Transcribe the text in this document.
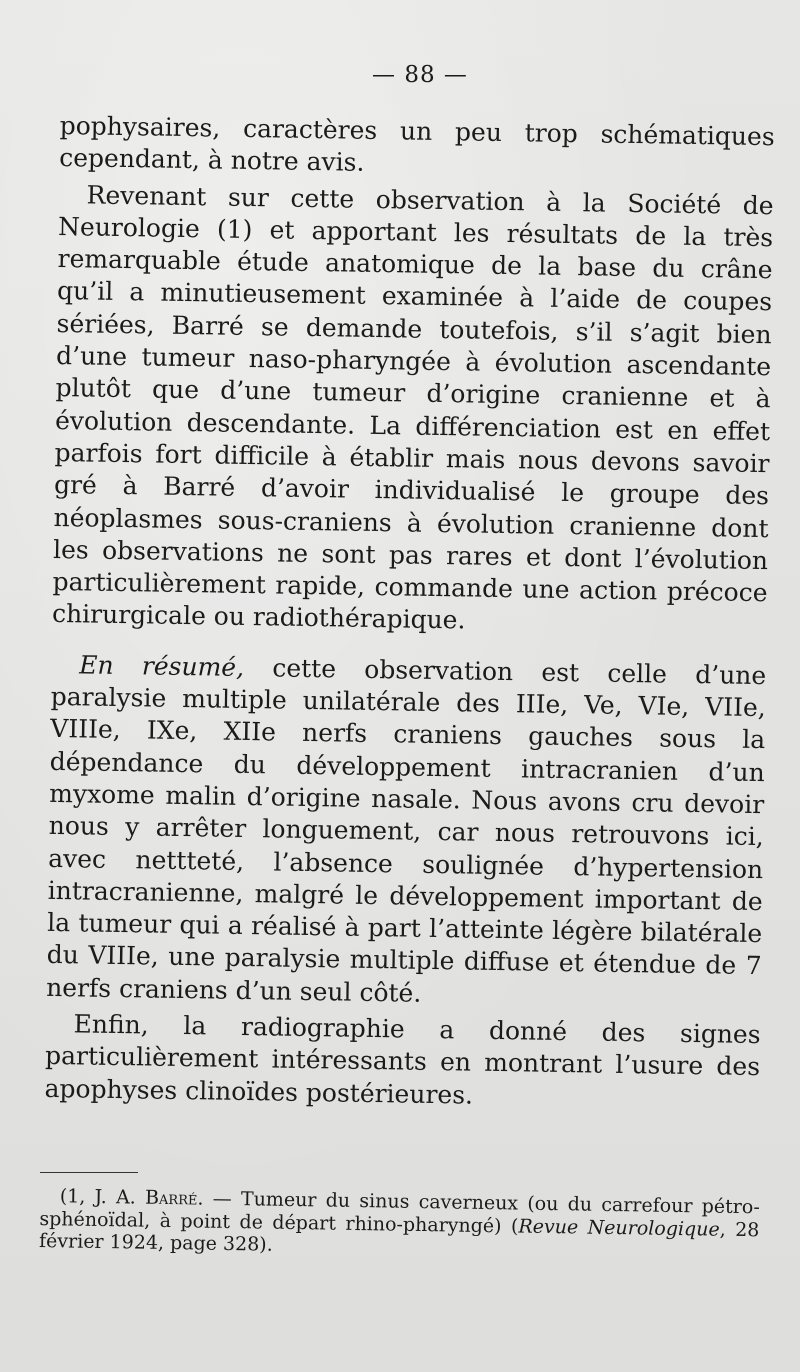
— 88 —

pophysaires, caractères un peu trop schématiques cependant, à notre avis.

Revenant sur cette observation à la Société de Neurologie (1) et apportant les résultats de la très remarquable étude anatomique de la base du crâne qu’il a minutieusement examinée à l’aide de coupes sériées, Barré se demande toutefois, s’il s’agit bien d’une tumeur naso-pharyngée à évolution ascendante plutôt que d’une tumeur d’origine cranienne et à évolution descendante. La différenciation est en effet parfois fort difficile à établir mais nous devons savoir gré à Barré d’avoir individualisé le groupe des néoplasmes sous-craniens à évolution cranienne dont les observations ne sont pas rares et dont l’évolution particulièrement rapide, commande une action précoce chirurgicale ou radiothérapique.

En résumé, cette observation est celle d’une paralysie multiple unilatérale des IIIe, Ve, VIe, VIIe, VIIIe, IXe, XIIe nerfs craniens gauches sous la dépendance du développement intracranien d’un myxome malin d’origine nasale. Nous avons cru devoir nous y arrêter longuement, car nous retrouvons ici, avec nettteté, l’absence soulignée d’hypertension intracranienne, malgré le développement important de la tumeur qui a réalisé à part l’atteinte légère bilatérale du VIIIe, une paralysie multiple diffuse et étendue de 7 nerfs craniens d’un seul côté.

Enfin, la radiographie a donné des signes particulièrement intéressants en montrant l’usure des apophyses clinoïdes postérieures.

(1, J. A. Barré. — Tumeur du sinus caverneux (ou du carrefour pétro-sphénoïdal, à point de départ rhino-pharyngé) (Revue Neurologique, 28 février 1924, page 328).
